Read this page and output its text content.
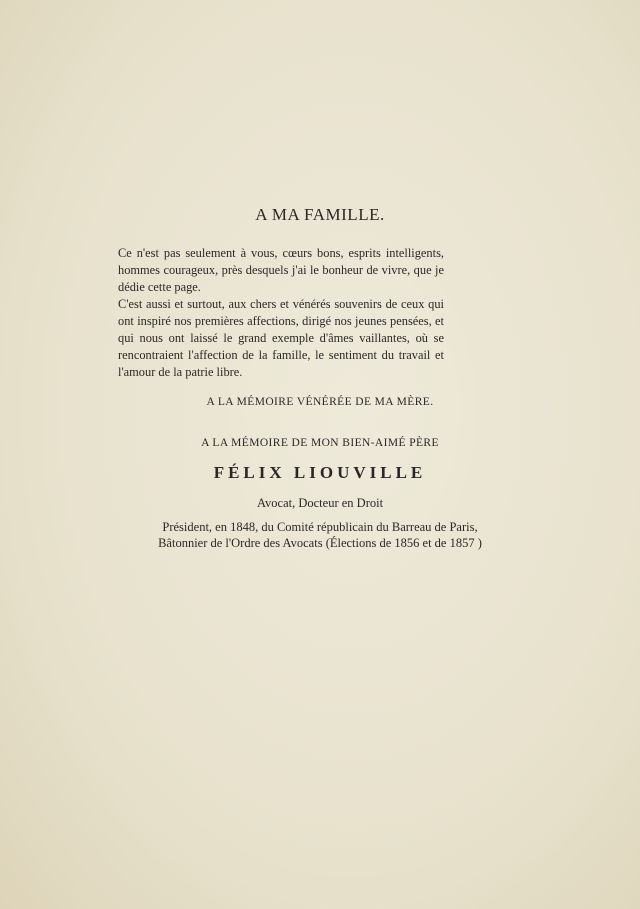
A MA FAMILLE.
Ce n'est pas seulement à vous, cœurs bons, esprits intelligents, hommes courageux, près desquels j'ai le bonheur de vivre, que je dédie cette page.
C'est aussi et surtout, aux chers et vénérés souvenirs de ceux qui ont inspiré nos premières affections, dirigé nos jeunes pensées, et qui nous ont laissé le grand exemple d'âmes vaillantes, où se rencontraient l'affection de la famille, le sentiment du travail et l'amour de la patrie libre.
A LA MÉMOIRE VÉNÉRÉE DE MA MÈRE.
A LA MÉMOIRE DE MON BIEN-AIMÉ PÈRE
FÉLIX LIOUVILLE
Avocat, Docteur en Droit
Président, en 1848, du Comité républicain du Barreau de Paris,
Bâtonnier de l'Ordre des Avocats (Élections de 1856 et de 1857 )
